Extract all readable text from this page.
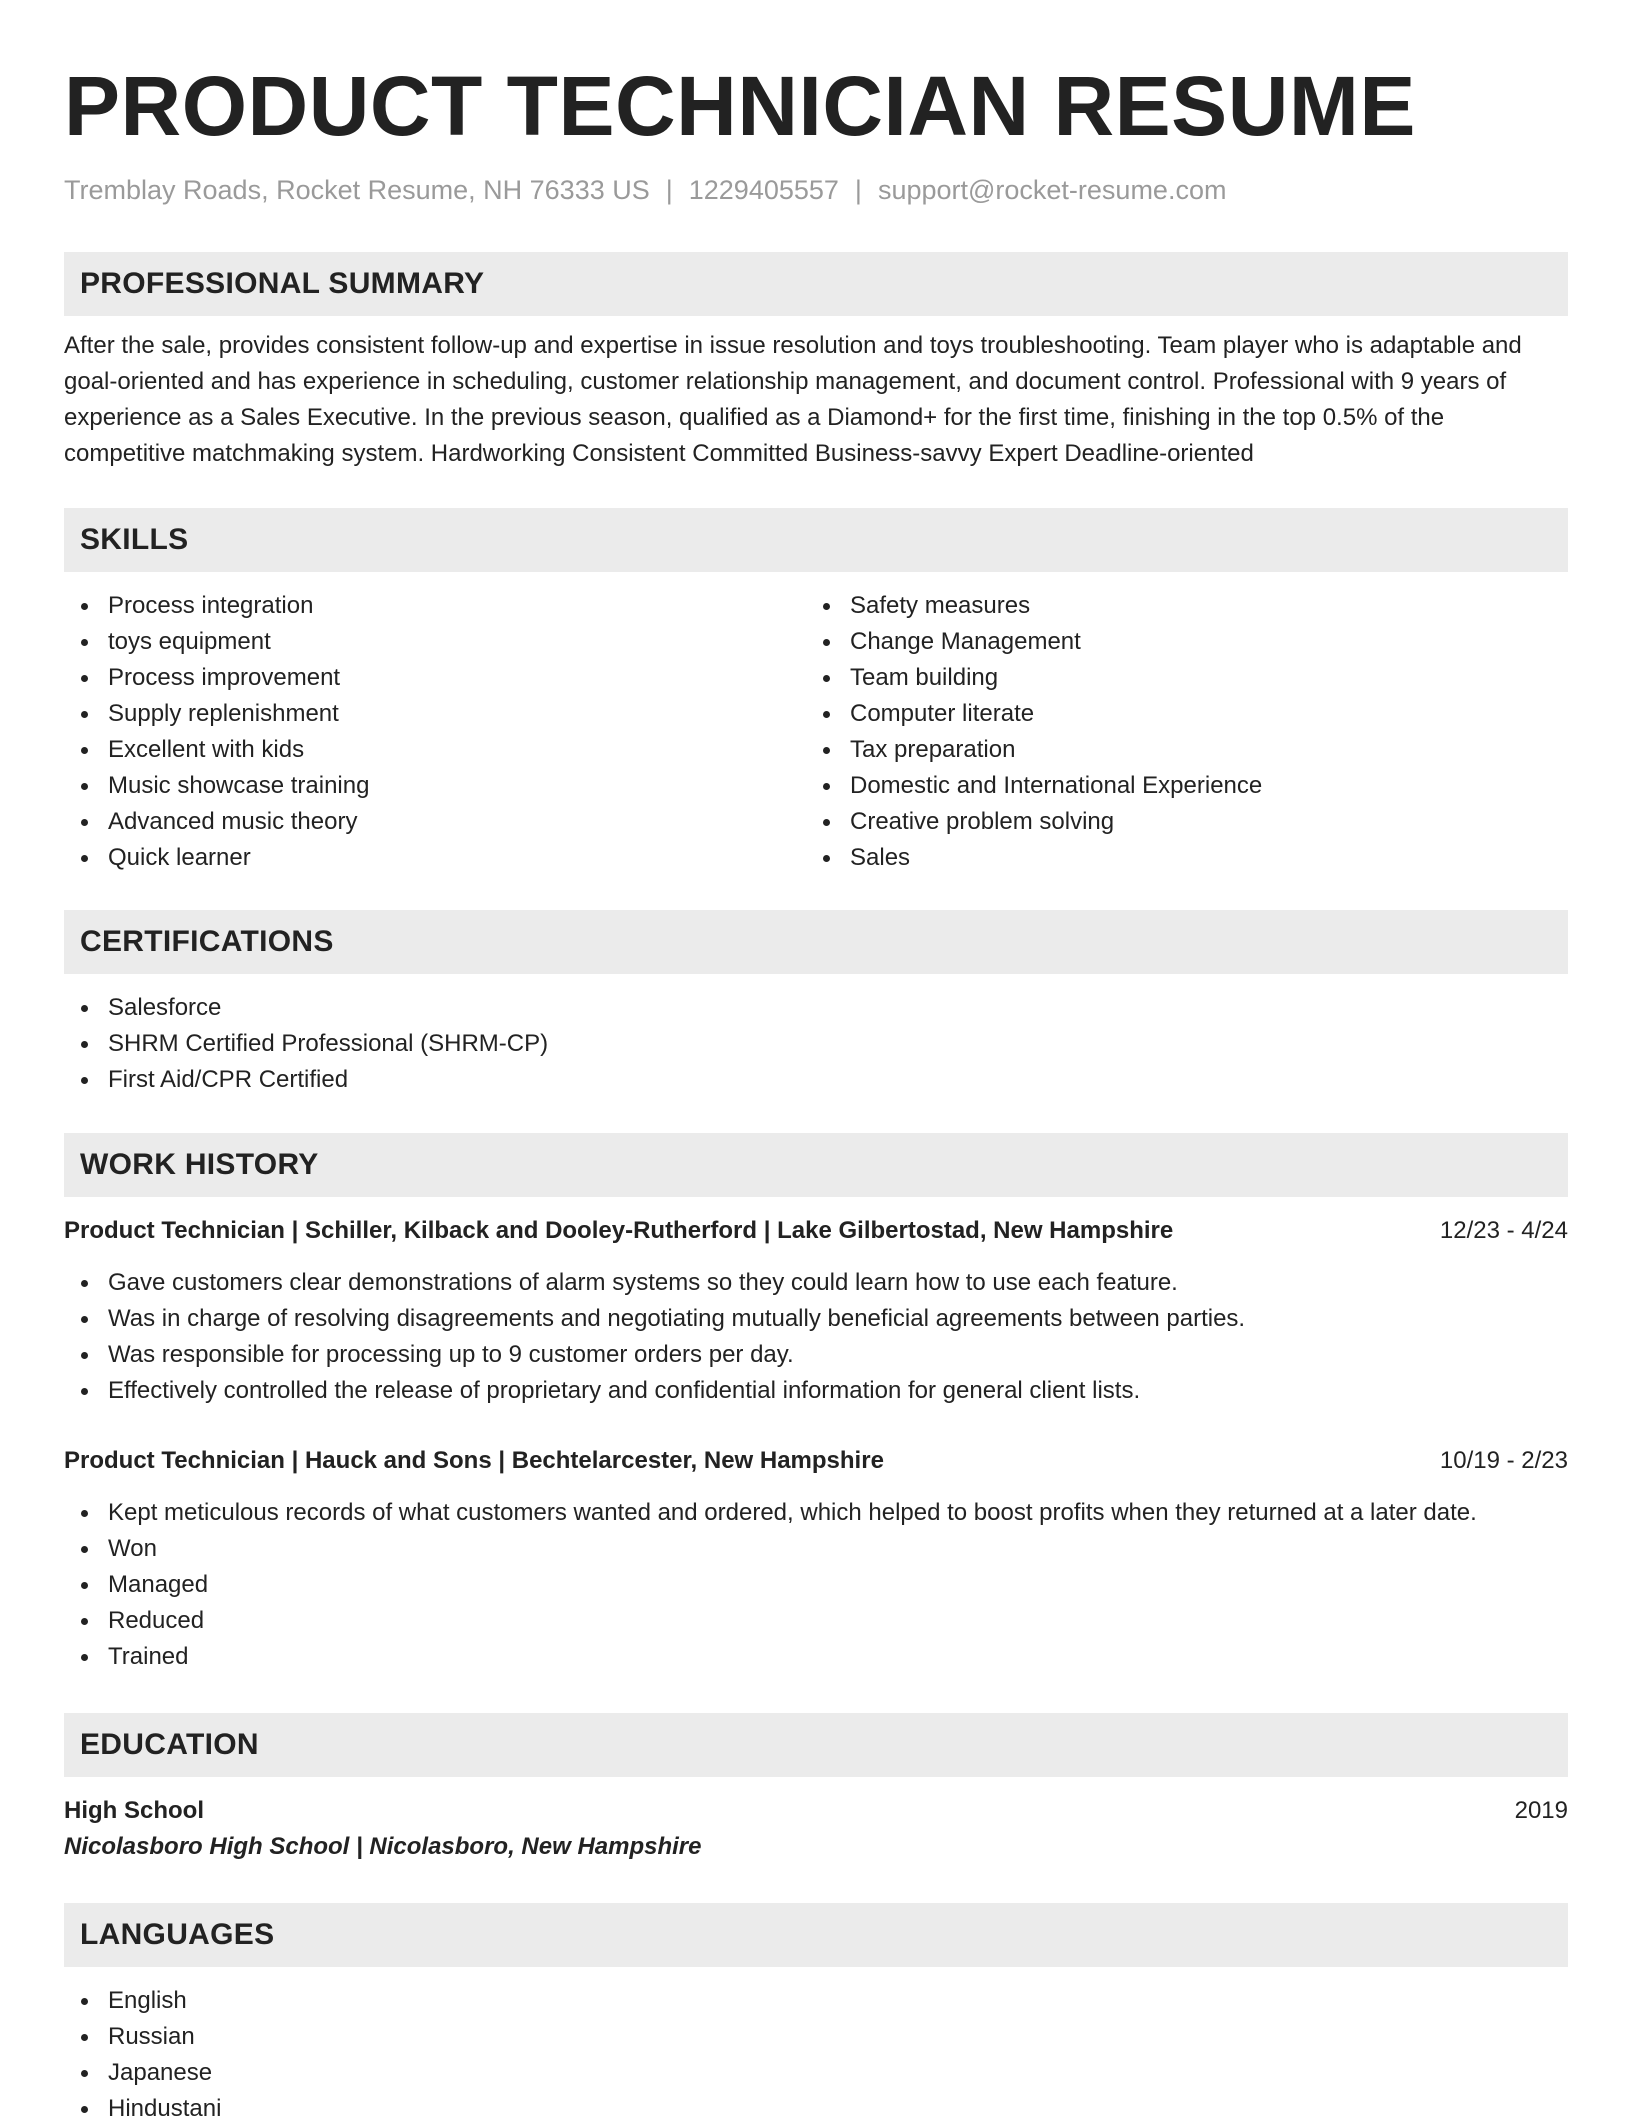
PRODUCT TECHNICIAN RESUME
Tremblay Roads, Rocket Resume, NH 76333 US | 1229405557 | support@rocket-resume.com
PROFESSIONAL SUMMARY
After the sale, provides consistent follow-up and expertise in issue resolution and toys troubleshooting. Team player who is adaptable and goal-oriented and has experience in scheduling, customer relationship management, and document control. Professional with 9 years of experience as a Sales Executive. In the previous season, qualified as a Diamond+ for the first time, finishing in the top 0.5% of the competitive matchmaking system. Hardworking Consistent Committed Business-savvy Expert Deadline-oriented
SKILLS
Process integration
toys equipment
Process improvement
Supply replenishment
Excellent with kids
Music showcase training
Advanced music theory
Quick learner
Safety measures
Change Management
Team building
Computer literate
Tax preparation
Domestic and International Experience
Creative problem solving
Sales
CERTIFICATIONS
Salesforce
SHRM Certified Professional (SHRM-CP)
First Aid/CPR Certified
WORK HISTORY
Product Technician | Schiller, Kilback and Dooley-Rutherford | Lake Gilbertostad, New Hampshire	12/23 - 4/24
Gave customers clear demonstrations of alarm systems so they could learn how to use each feature.
Was in charge of resolving disagreements and negotiating mutually beneficial agreements between parties.
Was responsible for processing up to 9 customer orders per day.
Effectively controlled the release of proprietary and confidential information for general client lists.
Product Technician | Hauck and Sons | Bechtelarcester, New Hampshire	10/19 - 2/23
Kept meticulous records of what customers wanted and ordered, which helped to boost profits when they returned at a later date.
Won
Managed
Reduced
Trained
EDUCATION
High School	2019
Nicolasboro High School | Nicolasboro, New Hampshire
LANGUAGES
English
Russian
Japanese
Hindustani
